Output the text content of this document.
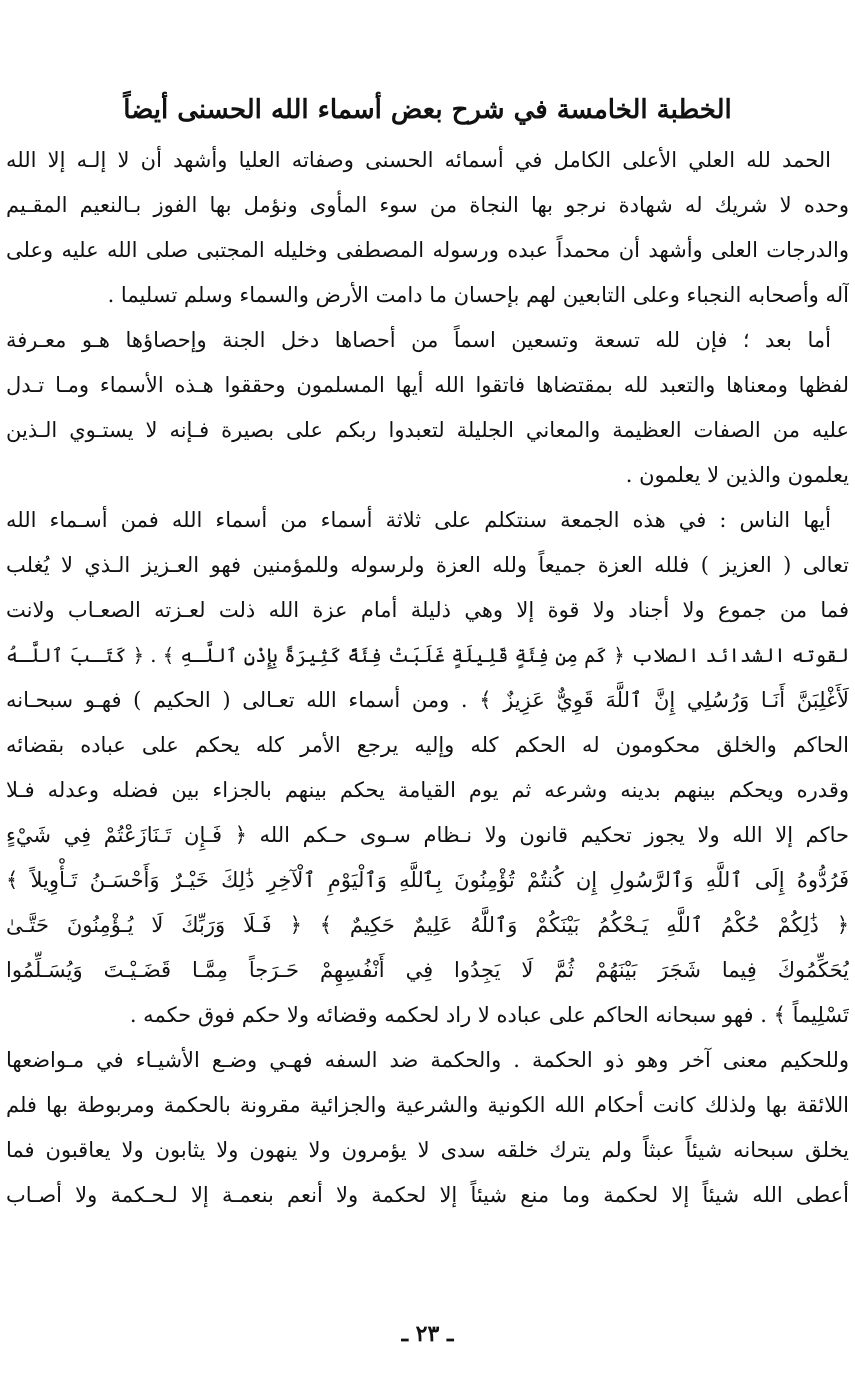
الخطبة الخامسة في شرح بعض أسماء الله الحسنى أيضاً
الحمد لله العلي الأعلى الكامل في أسمائه الحسنى وصفاته العليا وأشهد أن لا إلـه إلا الله
وحده لا شريك له شهادة نرجو بها النجاة من سوء المأوى ونؤمل بها الفوز بـالنعيم المقـيم
والدرجات العلى وأشهد أن محمداً عبده ورسوله المصطفى وخليله المجتبى صلى الله عليه وعلى
آله وأصحابه النجباء وعلى التابعين لهم بإحسان ما دامت الأرض والسماء وسلم تسليما .
أما بعد ؛ فإن لله تسعة وتسعين اسماً من أحصاها دخل الجنة وإحصاؤها هـو معـرفة
لفظها ومعناها والتعبد لله بمقتضاها فاتقوا الله أيها المسلمون وحققوا هـذه الأسماء ومـا تـدل
عليه من الصفات العظيمة والمعاني الجليلة لتعبدوا ربكم على بصيرة فـإنه لا يستـوي الـذين
يعلمون والذين لا يعلمون .
أيها الناس : في هذه الجمعة سنتكلم على ثلاثة أسماء من أسماء الله فمن أسـماء الله
تعالى ( العزيز ) فلله العزة جميعاً ولله العزة ولرسوله وللمؤمنين فهو العـزيز الـذي لا يُغلب
فما من جموع ولا أجناد ولا قوة إلا وهي ذليلة أمام عزة الله ذلت لعـزته الصعـاب ولانت
لقوته الشدائد الصلاب ﴿ كَم مِن فِئَةٍ قَلِيلَةٍ غَلَبَتْ فِئَةً كَثِيرَةً بِإِذْنِ ٱللَّـهِ ﴾ . ﴿ كَتَـبَ ٱللَّـهُ
لَأَغْلِبَنَّ أَنَـا وَرُسُلِي إِنَّ ٱللَّهَ قَوِيٌّ عَزِيزٌ ﴾ . ومن أسماء الله تعـالى ( الحكيم ) فهـو سبحـانه
الحاكم والخلق محكومون له الحكم كله وإليه يرجع الأمر كله يحكم على عباده بقضائه
وقدره ويحكم بينهم بدينه وشرعه ثم يوم القيامة يحكم بينهم بالجزاء بين فضله وعدله فـلا
حاكم إلا الله ولا يجوز تحكيم قانون ولا نـظام سـوى حـكم الله ﴿ فَـإِن تَـنَازَعْتُمْ فِي شَيْءٍ
فَرُدُّوهُ إِلَى ٱللَّهِ وَٱلرَّسُولِ إِن كُنتُمْ تُؤْمِنُونَ بِٱللَّهِ وَٱلْيَوْمِ ٱلْآخِرِ ذَٰلِكَ خَيْـرٌ وَأَحْسَـنُ تَـأْوِيلاً ﴾
﴿ ذَٰلِكُمْ حُكْمُ ٱللَّهِ يَـحْكُمُ بَيْنَكُمْ وَٱللَّهُ عَلِيمٌ حَكِيمٌ ﴾ ﴿ فَـلَا وَرَبِّكَ لَا يُـؤْمِنُونَ حَتَّـىٰ
يُحَكِّمُوكَ فِيما شَجَرَ بَيْنَهُمْ ثُمَّ لَا يَجِدُوا فِي أَنْفُسِهِمْ حَـرَجاً مِمَّـا قَضَـيْـتَ وَيُسَـلِّمُوا
تَسْلِيماً ﴾ . فهو سبحانه الحاكم على عباده لا راد لحكمه وقضائه ولا حكم فوق حكمه .
وللحكيم معنى آخر وهو ذو الحكمة . والحكمة ضد السفه فهـي وضـع الأشيـاء في مـواضعها
اللائقة بها ولذلك كانت أحكام الله الكونية والشرعية والجزائية مقرونة بالحكمة ومربوطة بها فلم
يخلق سبحانه شيئاً عبثاً ولم يترك خلقه سدى لا يؤمرون ولا ينهون ولا يثابون ولا يعاقبون فما
أعطى الله شيئاً إلا لحكمة وما منع شيئاً إلا لحكمة ولا أنعم بنعمـة إلا لـحـكمة ولا أصـاب
ـ ٢٣ ـ
